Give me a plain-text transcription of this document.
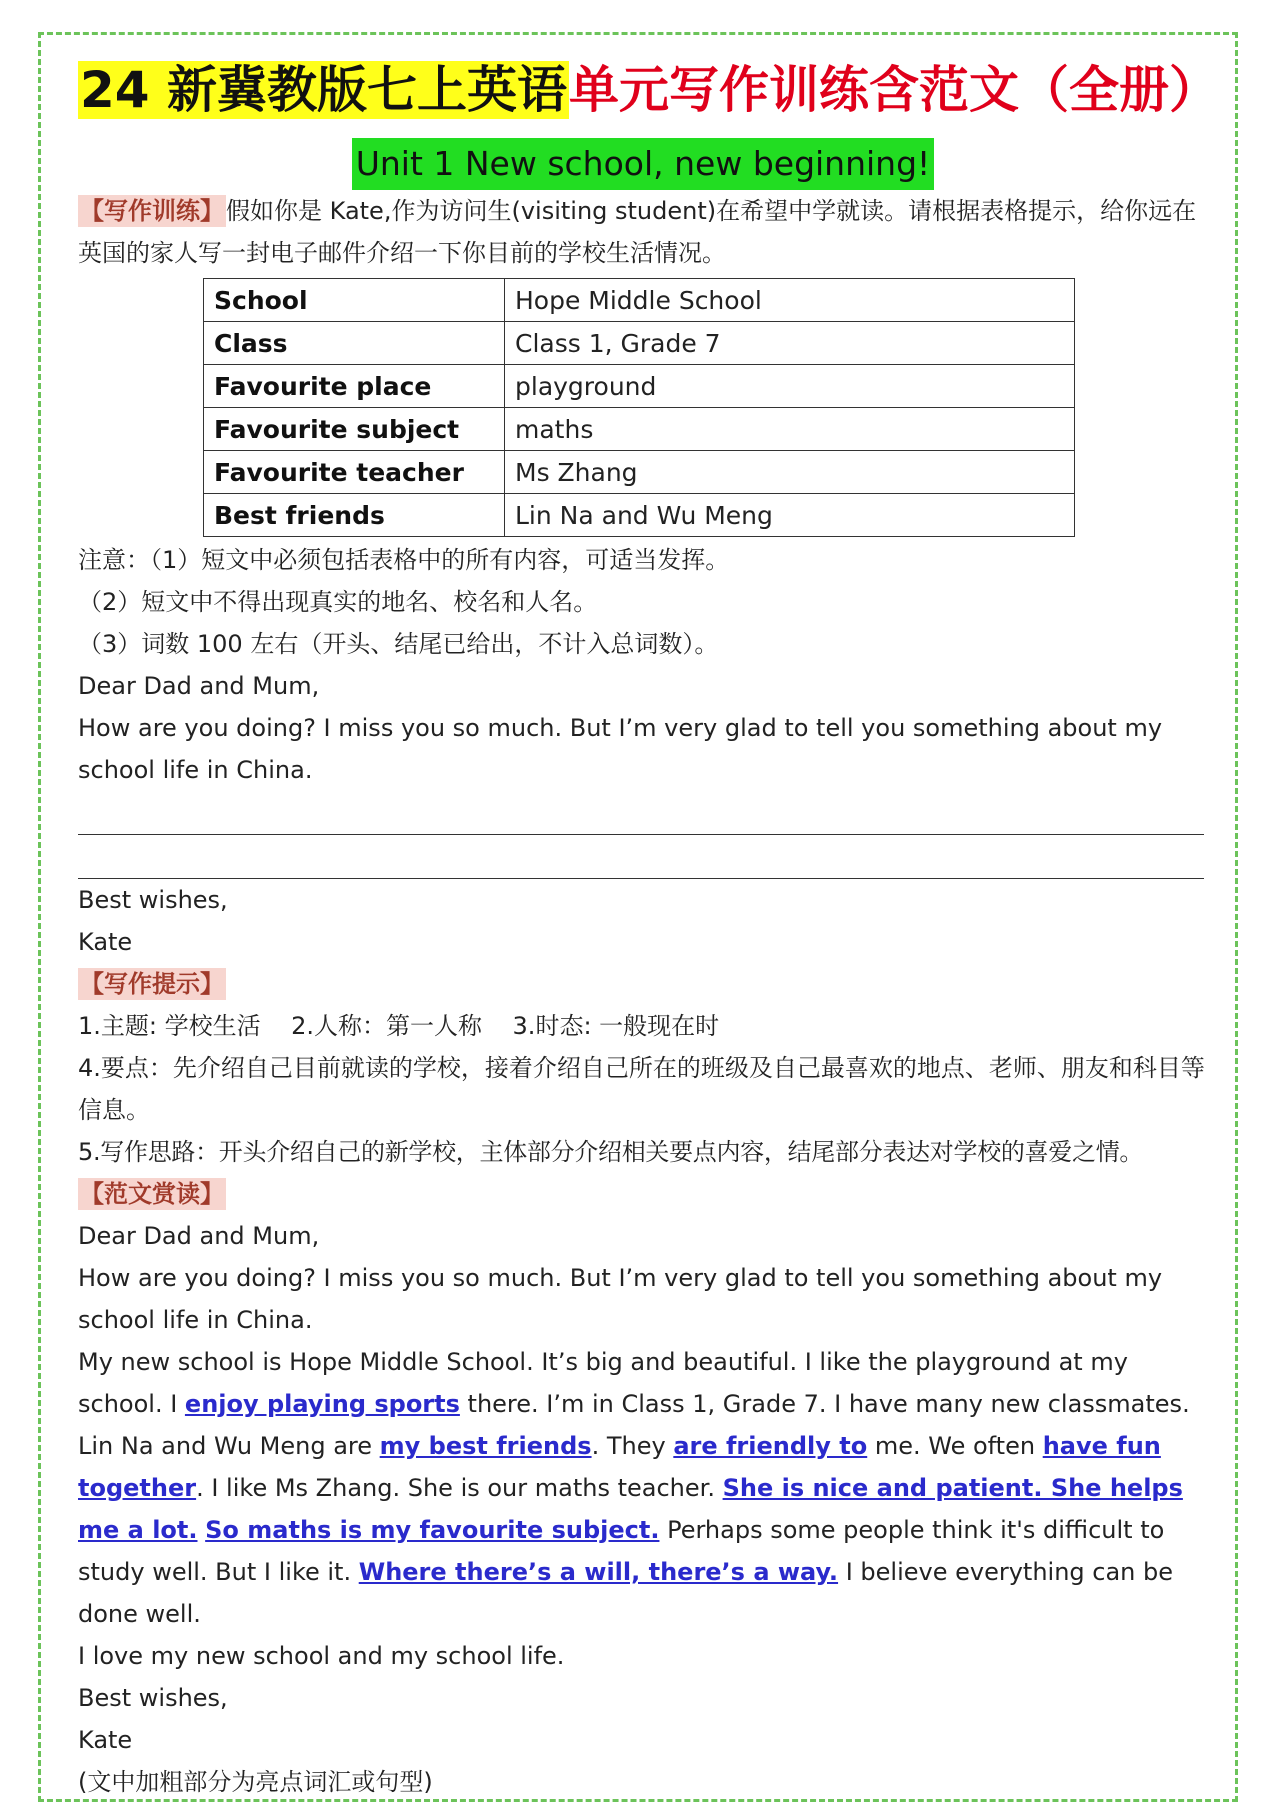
24 新冀教版七上英语单元写作训练含范文（全册）
Unit 1 New school, new beginning!

【写作训练】假如你是 Kate,作为访问生(visiting student)在希望中学就读。请根据表格提示，给你远在英国的家人写一封电子邮件介绍一下你目前的学校生活情况。

School	Hope Middle School
Class	Class 1, Grade 7
Favourite place	playground
Favourite subject	maths
Favourite teacher	Ms Zhang
Best friends	Lin Na and Wu Meng

注意：（1）短文中必须包括表格中的所有内容，可适当发挥。

（2）短文中不得出现真实的地名、校名和人名。

（3）词数 100 左右（开头、结尾已给出，不计入总词数）。

Dear Dad and Mum,

How are you doing? I miss you so much. But I’m very glad to tell you something about my school life in China.

Best wishes,

Kate

【写作提示】

1.主题: 学校生活    2.人称：第一人称    3.时态: 一般现在时

4.要点：先介绍自己目前就读的学校，接着介绍自己所在的班级及自己最喜欢的地点、老师、朋友和科目等信息。

5.写作思路：开头介绍自己的新学校，主体部分介绍相关要点内容，结尾部分表达对学校的喜爱之情。

【范文赏读】

Dear Dad and Mum,

How are you doing? I miss you so much. But I’m very glad to tell you something about my school life in China.

My new school is Hope Middle School. It’s big and beautiful. I like the playground at my school. I enjoy playing sports there. I’m in Class 1, Grade 7. I have many new classmates. Lin Na and Wu Meng are my best friends. They are friendly to me. We often have fun together. I like Ms Zhang. She is our maths teacher. She is nice and patient. She helps me a lot. So maths is my favourite subject. Perhaps some people think it's difficult to study well. But I like it. Where there’s a will, there’s a way. I believe everything can be done well.

I love my new school and my school life.

Best wishes,

Kate

(文中加粗部分为亮点词汇或句型)
